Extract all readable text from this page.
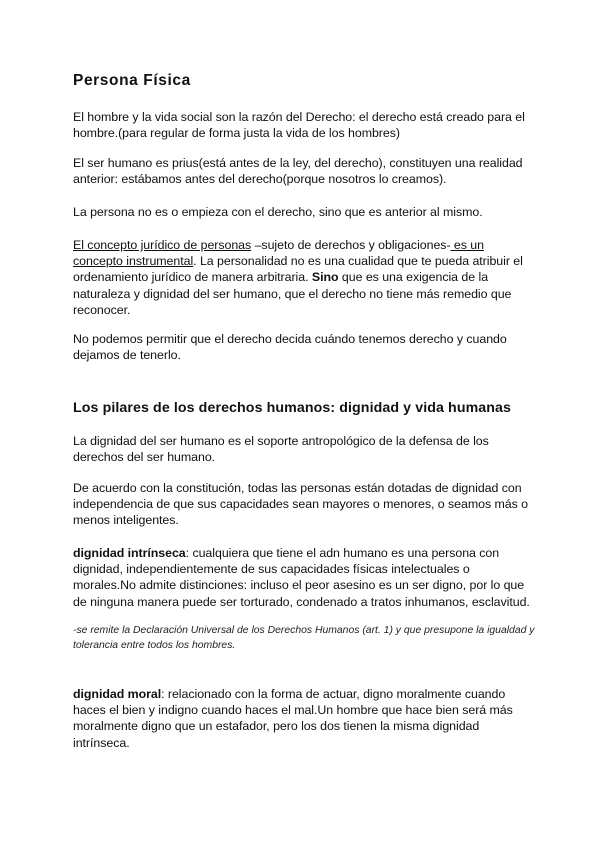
Persona Física
El hombre y la vida social son la razón del Derecho: el derecho está creado para el hombre.(para regular de forma justa la vida de los hombres)
El ser humano es prius(está antes de la ley, del derecho), constituyen una realidad anterior: estábamos antes del derecho(porque nosotros lo creamos).
La persona no es o empieza con el derecho, sino que es anterior al mismo.
El concepto jurídico de personas –sujeto de derechos y obligaciones- es un concepto instrumental. La personalidad no es una cualidad que te pueda atribuir el ordenamiento jurídico de manera arbitraria. Sino que es una exigencia de la naturaleza y dignidad del ser humano, que el derecho no tiene más remedio que reconocer.
No podemos permitir que el derecho decida cuándo tenemos derecho y cuando dejamos de tenerlo.
Los pilares de los derechos humanos: dignidad y vida humanas
La dignidad del ser humano es el soporte antropológico de la defensa de los derechos del ser humano.
De acuerdo con la constitución, todas las personas están dotadas de dignidad con independencia de que sus capacidades sean mayores o menores, o seamos más o menos inteligentes.
dignidad intrínseca: cualquiera que tiene el adn humano es una persona con dignidad, independientemente de sus capacidades físicas intelectuales o morales.No admite distinciones: incluso el peor asesino es un ser digno, por lo que de ninguna manera puede ser torturado, condenado a tratos inhumanos, esclavitud.
-se remite la Declaración Universal de los Derechos Humanos (art. 1) y que presupone la igualdad y tolerancia entre todos los hombres.
dignidad moral: relacionado con la forma de actuar, digno moralmente cuando haces el bien y indigno cuando haces el mal.Un hombre que hace bien será más moralmente digno que un estafador, pero los dos tienen la misma dignidad intrínseca.
